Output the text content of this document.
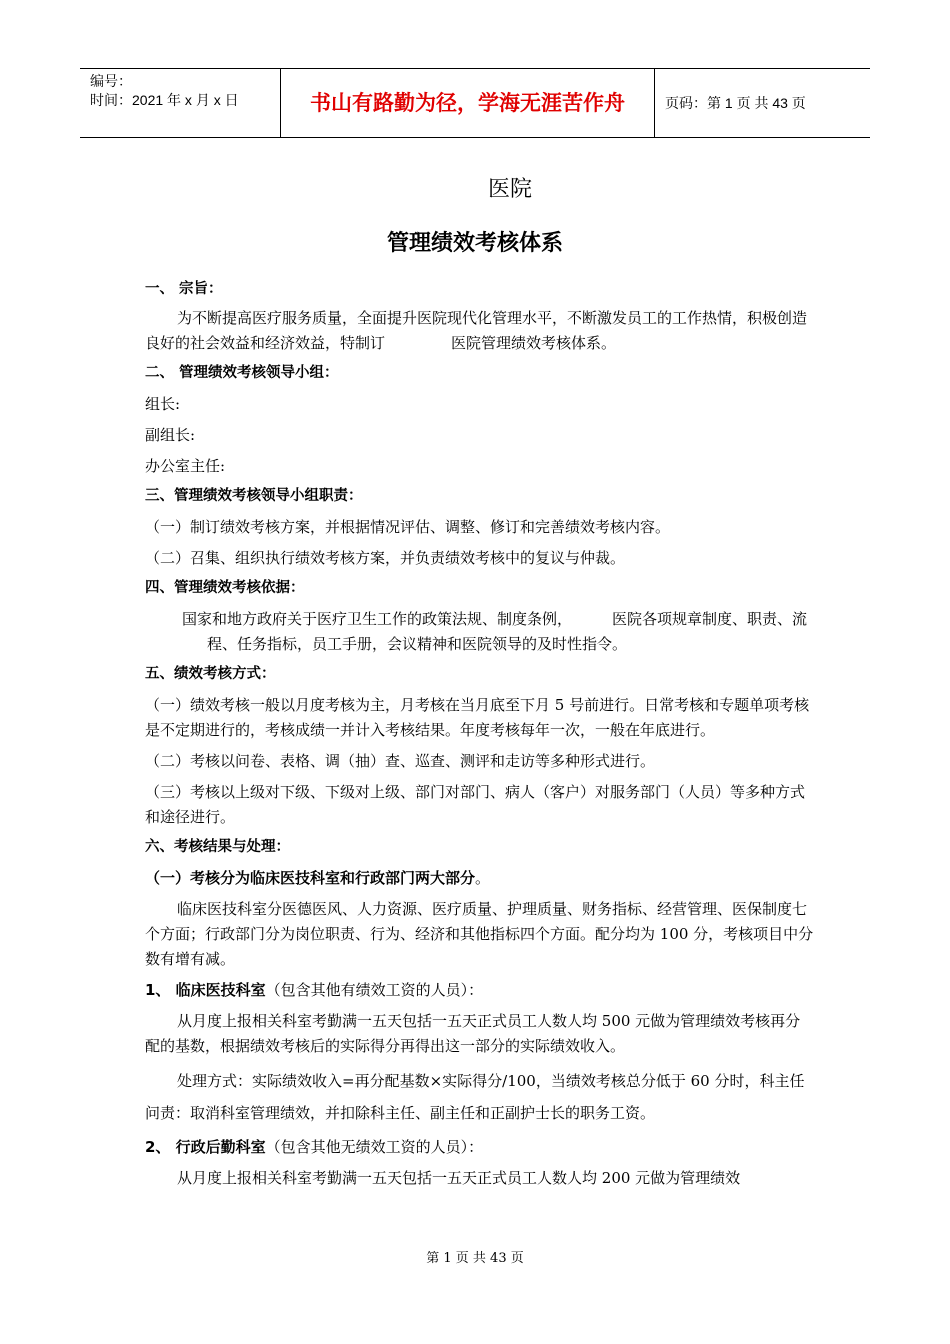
编号：
时间：2021 年 x 月 x 日	书山有路勤为径，学海无涯苦作舟	页码：第 1 页 共 43 页
医院
管理绩效考核体系

一、 宗旨：

为不断提高医疗服务质量，全面提升医院现代化管理水平，不断激发员工的工作热情，积极创造良好的社会效益和经济效益，特制订	医院管理绩效考核体系。

二、 管理绩效考核领导小组：

组长:

副组长:

办公室主任:

三、管理绩效考核领导小组职责：

（一）制订绩效考核方案，并根据情况评估、调整、修订和完善绩效考核内容。

（二）召集、组织执行绩效考核方案，并负责绩效考核中的复议与仲裁。

四、管理绩效考核依据：

国家和地方政府关于医疗卫生工作的政策法规、制度条例，	医院各项规章制度、职责、流程、任务指标，员工手册，会议精神和医院领导的及时性指令。

五、绩效考核方式：

（一）绩效考核一般以月度考核为主，月考核在当月底至下月 5 号前进行。日常考核和专题单项考核是不定期进行的，考核成绩一并计入考核结果。年度考核每年一次，一般在年底进行。

（二）考核以问卷、表格、调（抽）查、巡查、测评和走访等多种形式进行。

（三）考核以上级对下级、下级对上级、部门对部门、病人（客户）对服务部门（人员）等多种方式和途径进行。

六、考核结果与处理：

（一）考核分为临床医技科室和行政部门两大部分。

临床医技科室分医德医风、人力资源、医疗质量、护理质量、财务指标、经营管理、医保制度七个方面；行政部门分为岗位职责、行为、经济和其他指标四个方面。配分均为 100 分，考核项目中分数有增有减。

1、 临床医技科室（包含其他有绩效工资的人员）：

从月度上报相关科室考勤满一五天包括一五天正式员工人数人均 500 元做为管理绩效考核再分配的基数，根据绩效考核后的实际得分再得出这一部分的实际绩效收入。

处理方式：实际绩效收入=再分配基数×实际得分/100，当绩效考核总分低于 60 分时，科主任问责：取消科室管理绩效，并扣除科主任、副主任和正副护士长的职务工资。

2、 行政后勤科室（包含其他无绩效工资的人员）：

从月度上报相关科室考勤满一五天包括一五天正式员工人数人均 200 元做为管理绩效

第 1 页 共 43 页
